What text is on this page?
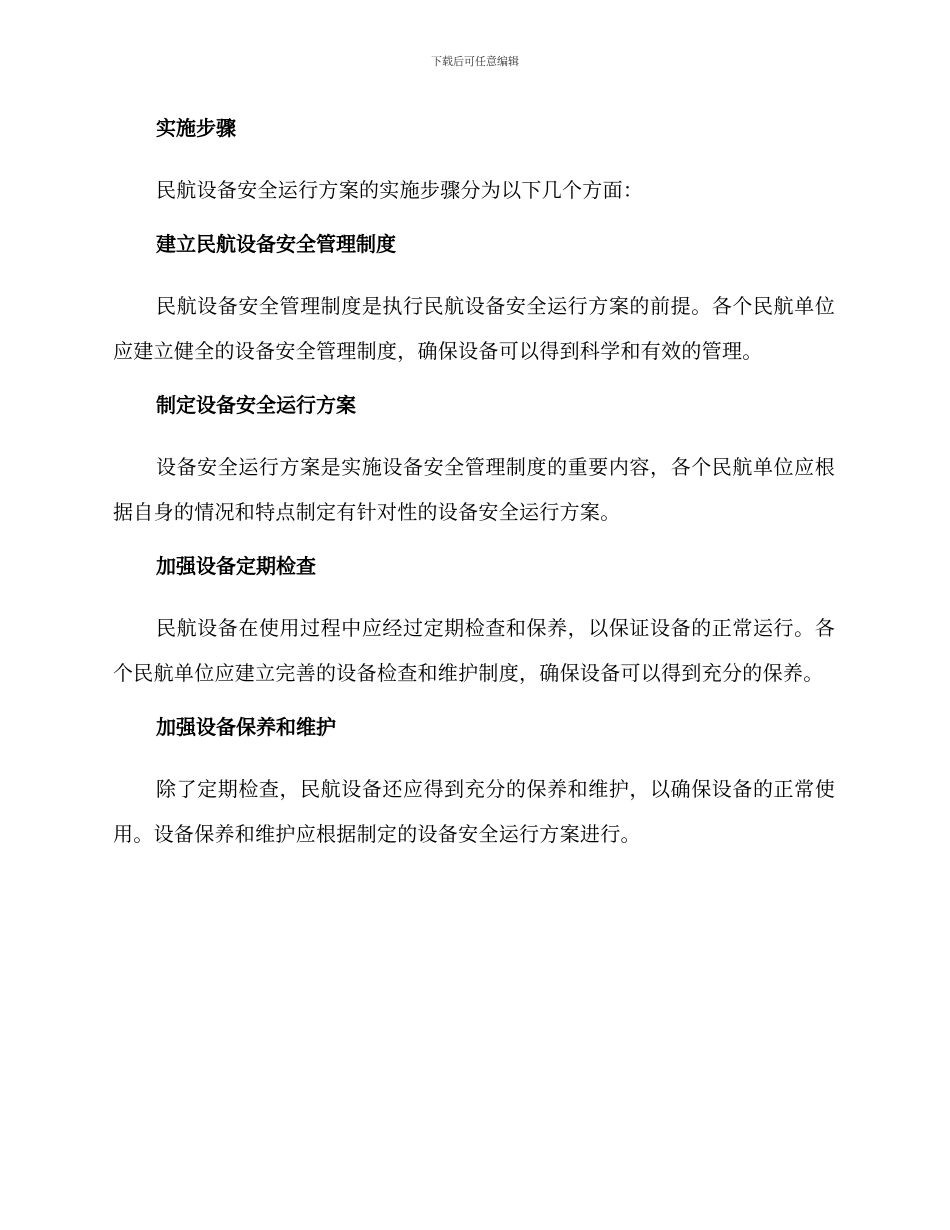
下载后可任意编辑
实施步骤
民航设备安全运行方案的实施步骤分为以下几个方面：
建立民航设备安全管理制度
民航设备安全管理制度是执行民航设备安全运行方案的前提。各个民航单位应建立健全的设备安全管理制度，确保设备可以得到科学和有效的管理。
制定设备安全运行方案
设备安全运行方案是实施设备安全管理制度的重要内容，各个民航单位应根据自身的情况和特点制定有针对性的设备安全运行方案。
加强设备定期检查
民航设备在使用过程中应经过定期检查和保养，以保证设备的正常运行。各个民航单位应建立完善的设备检查和维护制度，确保设备可以得到充分的保养。
加强设备保养和维护
除了定期检查，民航设备还应得到充分的保养和维护，以确保设备的正常使用。设备保养和维护应根据制定的设备安全运行方案进行。
